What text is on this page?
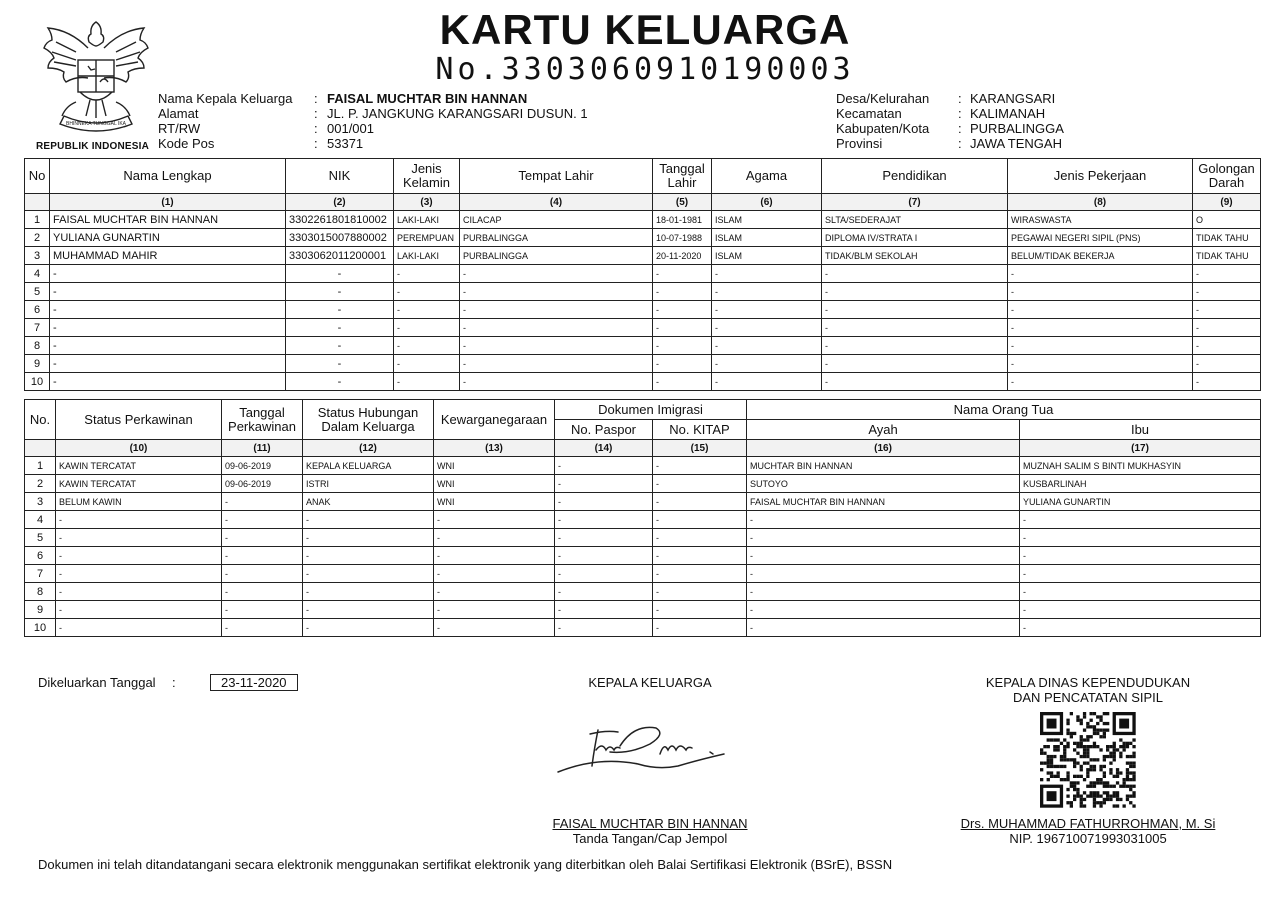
BHINNEKA TUNGGAL IKA
REPUBLIK INDONESIA
KARTU KELUARGA
No.3303060910190003
Nama Kepala Keluarga : FAISAL MUCHTAR BIN HANNAN
Alamat	: JL. P. JANGKUNG KARANGSARI DUSUN. 1
RT/RW	: 001/001
Kode Pos	: 53371
Desa/Kelurahan : KARANGSARI
Kecamatan	: KALIMANAH
Kabupaten/Kota : PURBALINGGA
Provinsi	: JAWA TENGAH
No	Nama Lengkap	NIK	Jenis Kelamin	Tempat Lahir	Tanggal Lahir	Agama	Pendidikan	Jenis Pekerjaan	Golongan Darah
	(1)	(2)	(3)	(4)	(5)	(6)	(7)	(8)	(9)
1	FAISAL MUCHTAR BIN HANNAN	3302261801810002	LAKI-LAKI	CILACAP	18-01-1981	ISLAM	SLTA/SEDERAJAT	WIRASWASTA	O
2	YULIANA GUNARTIN	3303015007880002	PEREMPUAN	PURBALINGGA	10-07-1988	ISLAM	DIPLOMA IV/STRATA I	PEGAWAI NEGERI SIPIL (PNS)	TIDAK TAHU
3	MUHAMMAD MAHIR	3303062011200001	LAKI-LAKI	PURBALINGGA	20-11-2020	ISLAM	TIDAK/BLM SEKOLAH	BELUM/TIDAK BEKERJA	TIDAK TAHU
4	-	-	-	-	-	-	-	-	-
5	-	-	-	-	-	-	-	-	-
6	-	-	-	-	-	-	-	-	-
7	-	-	-	-	-	-	-	-	-
8	-	-	-	-	-	-	-	-	-
9	-	-	-	-	-	-	-	-	-
10	-	-	-	-	-	-	-	-	-
No.	Status Perkawinan	Tanggal Perkawinan	Status Hubungan Dalam Keluarga	Kewarganegaraan	Dokumen Imigrasi		Nama Orang Tua	
					No. Paspor	No. KITAP	Ayah	Ibu
	(10)	(11)	(12)	(13)	(14)	(15)	(16)	(17)
1	KAWIN TERCATAT	09-06-2019	KEPALA KELUARGA	WNI	-	-	MUCHTAR BIN HANNAN	MUZNAH SALIM S BINTI MUKHASYIN
2	KAWIN TERCATAT	09-06-2019	ISTRI	WNI	-	-	SUTOYO	KUSBARLINAH
3	BELUM KAWIN	-	ANAK	WNI	-	-	FAISAL MUCHTAR BIN HANNAN	YULIANA GUNARTIN
4	-	-	-	-	-	-	-	-
5	-	-	-	-	-	-	-	-
6	-	-	-	-	-	-	-	-
7	-	-	-	-	-	-	-	-
8	-	-	-	-	-	-	-	-
9	-	-	-	-	-	-	-	-
10	-	-	-	-	-	-	-	-
Dikeluarkan Tanggal :	23-11-2020	KEPALA KELUARGA
FAISAL MUCHTAR BIN HANNAN
Tanda Tangan/Cap Jempol
KEPALA DINAS KEPENDUDUKAN
DAN PENCATATAN SIPIL
Drs. MUHAMMAD FATHURROHMAN, M. Si
NIP. 196710071993031005
Dokumen ini telah ditandatangani secara elektronik menggunakan sertifikat elektronik yang diterbitkan oleh Balai Sertifikasi Elektronik (BSrE), BSSN
